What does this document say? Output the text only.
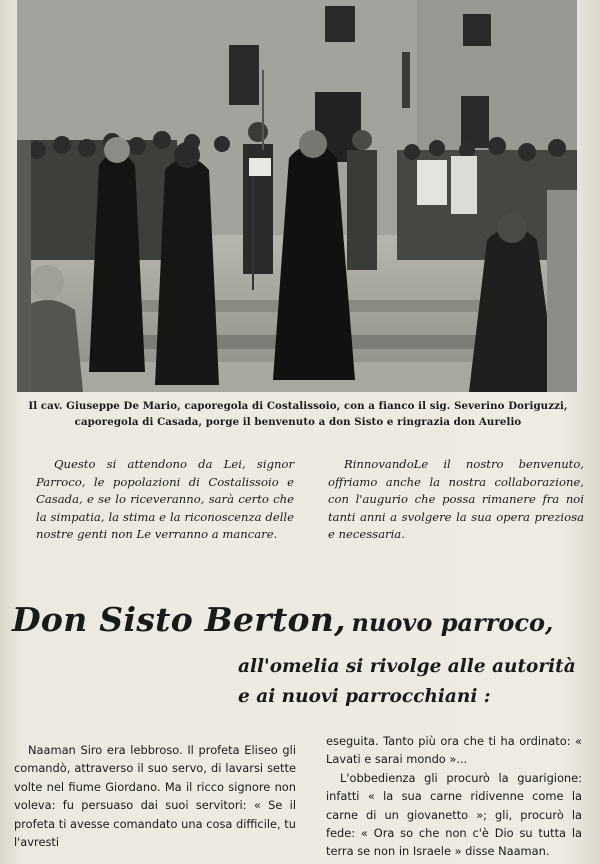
Il cav. Giuseppe De Mario, caporegola di Costalissoio, con a fianco il sig. Severino Doriguzzi, caporegola di Casada, porge il benvenuto a don Sisto e ringrazia don Aurelio
Questo si attendono da Lei, signor Parroco, le popolazioni di Costalissoio e Casada, e se lo riceveranno, sarà certo che la simpatia, la stima e la riconoscenza delle nostre genti non Le verranno a mancare.
RinnovandoLe il nostro benvenuto, offriamo anche la nostra collaborazione, con l'augurio che possa rimanere fra noi tanti anni a svolgere la sua opera preziosa e necessaria.
Don Sisto Berton, nuovo parroco,
all'omelia si rivolge alle autorità
e ai nuovi parrocchiani :
Naaman Siro era lebbroso. Il profeta Eliseo gli comandò, attraverso il suo servo, di lavarsi sette volte nel fiume Giordano. Ma il ricco signore non voleva: fu persuaso dai suoi servitori: « Se il profeta ti avesse comandato una cosa difficile, tu l'avresti
eseguita. Tanto più ora che ti ha ordinato: « Lavati e sarai mondo »...
L'obbedienza gli procurò la guarigione: infatti « la sua carne ridivenne come la carne di un giovanetto »; gli, procurò la fede: « Ora so che non c'è Dio su tutta la terra se non in Israele » disse Naaman.
